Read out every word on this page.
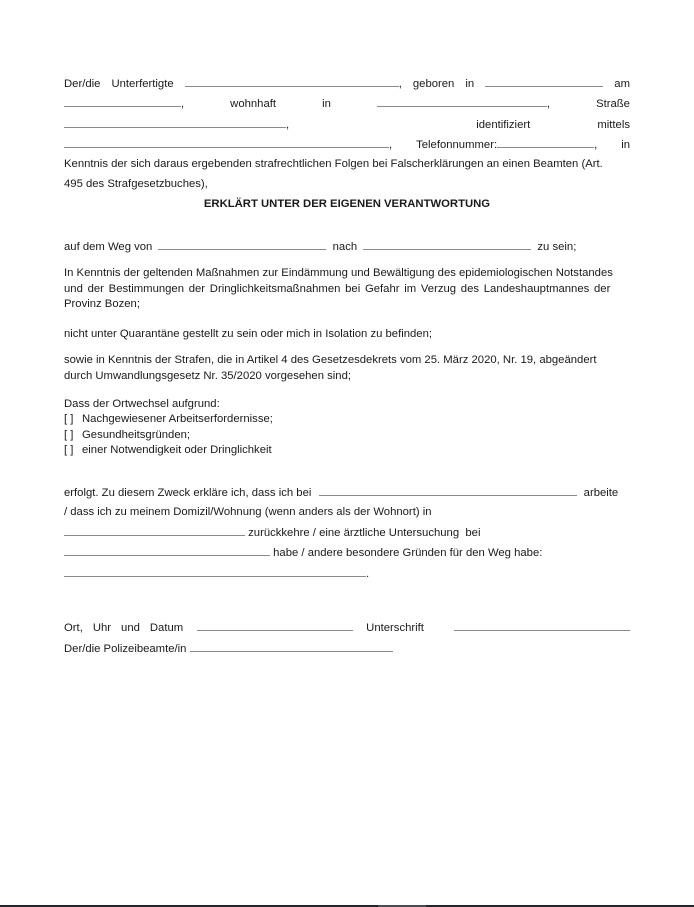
Der/die Unterfertigte	, geboren in	am
,	wohnhaft	in	,	Straße
,	identifiziert	mittels
, Telefonnummer:	, in
Kenntnis der sich daraus ergebenden strafrechtlichen Folgen bei Falscherklärungen an einen Beamten (Art.
495 des Strafgesetzbuches),
ERKLÄRT UNTER DER EIGENEN VERANTWORTUNG
auf dem Weg von	nach	zu sein;
In Kenntnis der geltenden Maßnahmen zur Eindämmung und Bewältigung des epidemiologischen Notstandes
und der Bestimmungen der Dringlichkeitsmaßnahmen bei Gefahr im Verzug des Landeshauptmannes der
Provinz Bozen;
nicht unter Quarantäne gestellt zu sein oder mich in Isolation zu befinden;
sowie in Kenntnis der Strafen, die in Artikel 4 des Gesetzesdekrets vom 25. März 2020, Nr. 19, abgeändert
durch Umwandlungsgesetz Nr. 35/2020 vorgesehen sind;
Dass der Ortwechsel aufgrund:
[ ] Nachgewiesener Arbeitserfordernisse;
[ ] Gesundheitsgründen;
[ ] einer Notwendigkeit oder Dringlichkeit
erfolgt. Zu diesem Zweck erkläre ich, dass ich bei	arbeite
/ dass ich zu meinem Domizil/Wohnung (wenn anders als der Wohnort) in
zurückkehre / eine ärztliche Untersuchung  bei
habe / andere besondere Gründen für den Weg habe:
.
Ort, Uhr und Datum	Unterschrift
Der/die Polizeibeamte/in
